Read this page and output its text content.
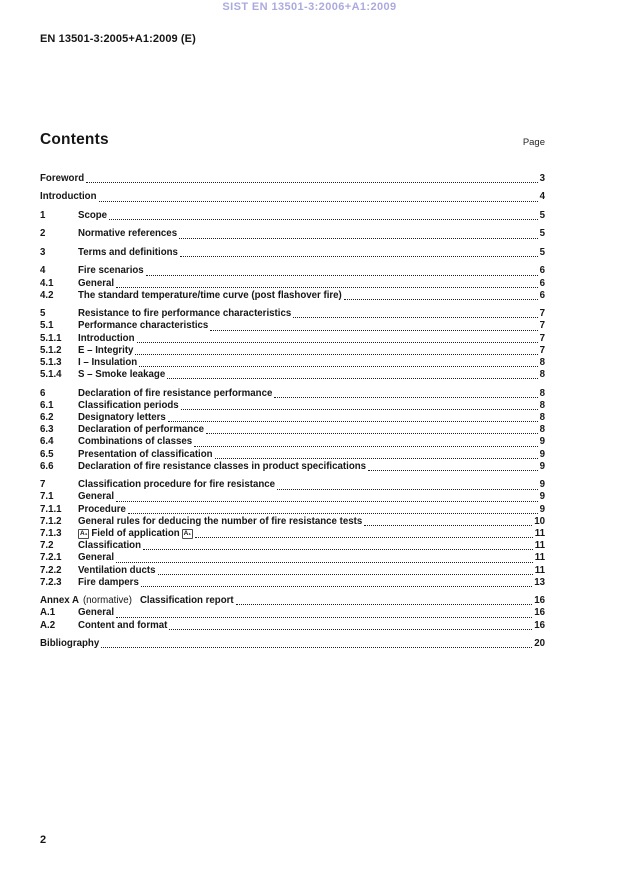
SIST EN 13501-3:2006+A1:2009
EN 13501-3:2005+A1:2009 (E)
Contents	Page
Foreword	3
Introduction	4
1	Scope	5
2	Normative references	5
3	Terms and definitions	5
4	Fire scenarios	6
4.1	General	6
4.2	The standard temperature/time curve (post flashover fire)	6
5	Resistance to fire performance characteristics	7
5.1	Performance characteristics	7
5.1.1	Introduction	7
5.1.2	E – Integrity	7
5.1.3	I – Insulation	8
5.1.4	S – Smoke leakage	8
6	Declaration of fire resistance performance	8
6.1	Classification periods	8
6.2	Designatory letters	8
6.3	Declaration of performance	8
6.4	Combinations of classes	9
6.5	Presentation of classification	9
6.6	Declaration of fire resistance classes in product specifications	9
7	Classification procedure for fire resistance	9
7.1	General	9
7.1.1	Procedure	9
7.1.2	General rules for deducing the number of fire resistance tests	10
7.1.3	A₁ Field of application A₁	11
7.2	Classification	11
7.2.1	General	11
7.2.2	Ventilation ducts	11
7.2.3	Fire dampers	13
Annex A (normative) Classification report	16
A.1	General	16
A.2	Content and format	16
Bibliography	20
2
